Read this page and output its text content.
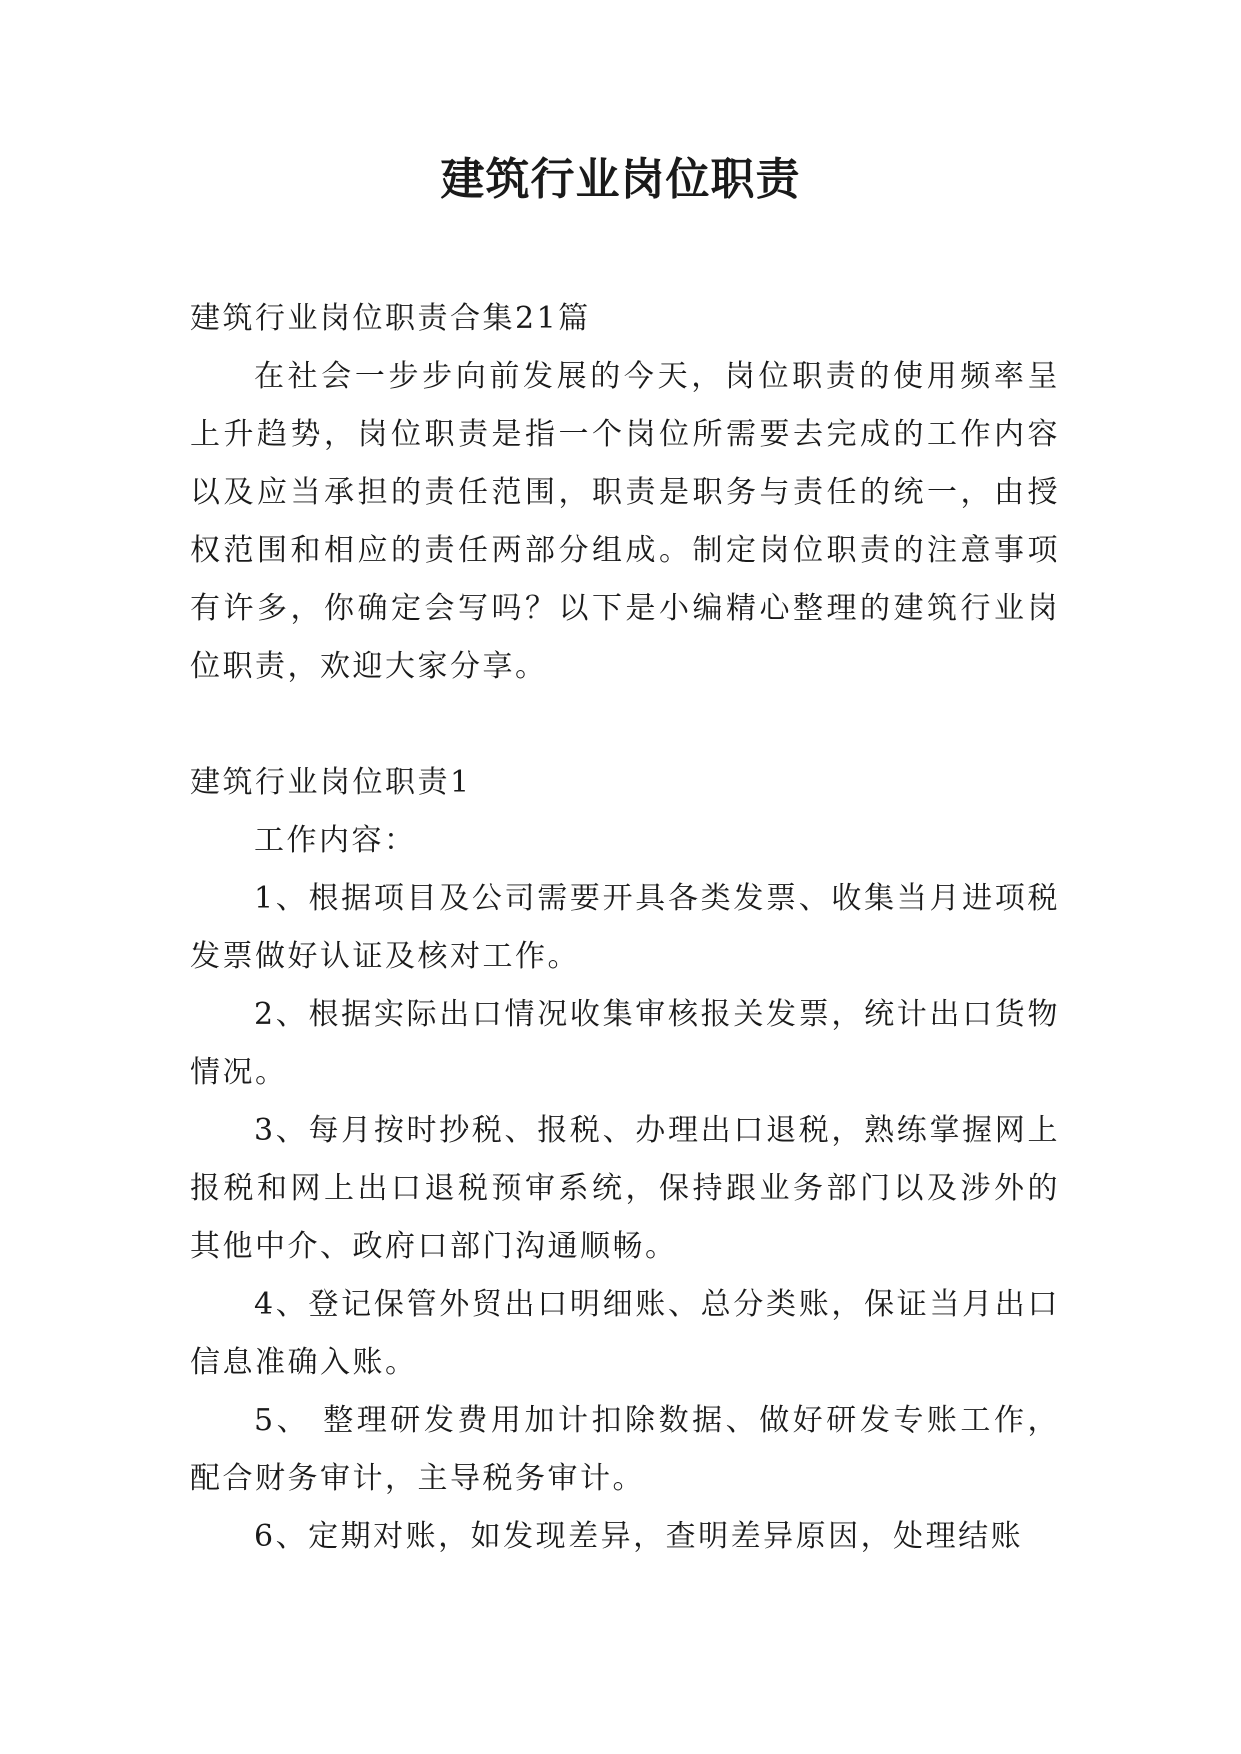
建筑行业岗位职责

建筑行业岗位职责合集21篇

在社会一步步向前发展的今天，岗位职责的使用频率呈上升趋势，岗位职责是指一个岗位所需要去完成的工作内容以及应当承担的责任范围，职责是职务与责任的统一，由授权范围和相应的责任两部分组成。制定岗位职责的注意事项有许多，你确定会写吗？以下是小编精心整理的建筑行业岗位职责，欢迎大家分享。

建筑行业岗位职责1

工作内容：

1、根据项目及公司需要开具各类发票、收集当月进项税发票做好认证及核对工作。

2、根据实际出口情况收集审核报关发票，统计出口货物情况。

3、每月按时抄税、报税、办理出口退税，熟练掌握网上报税和网上出口退税预审系统，保持跟业务部门以及涉外的其他中介、政府口部门沟通顺畅。

4、登记保管外贸出口明细账、总分类账，保证当月出口信息准确入账。

5、 整理研发费用加计扣除数据、做好研发专账工作，配合财务审计，主导税务审计。

6、定期对账，如发现差异，查明差异原因，处理结账
